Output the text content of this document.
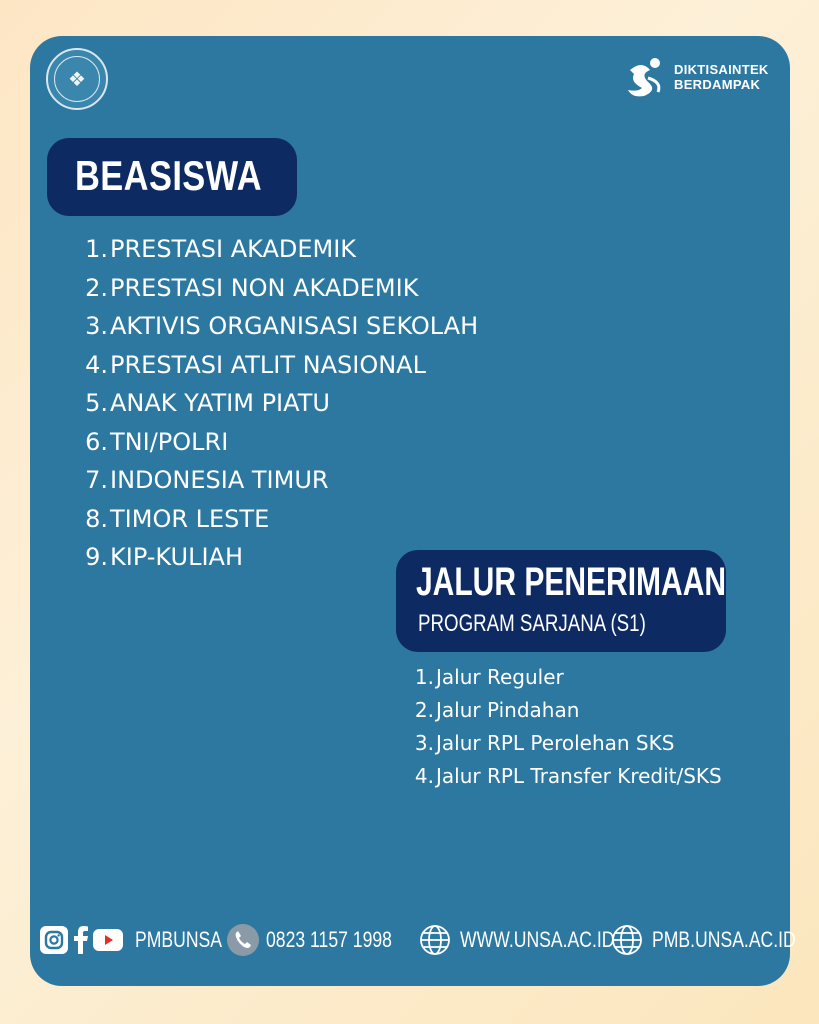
❖	DIKTISAINTEK
BERDAMPAK
BEASISWA
1. PRESTASI AKADEMIK
2. PRESTASI NON AKADEMIK
3. AKTIVIS ORGANISASI SEKOLAH
4. PRESTASI ATLIT NASIONAL
5. ANAK YATIM PIATU
6. TNI/POLRI
7. INDONESIA TIMUR
8. TIMOR LESTE
9. KIP-KULIAH
JALUR PENERIMAAN
PROGRAM SARJANA (S1)
1. Jalur Reguler
2. Jalur Pindahan
3. Jalur RPL Perolehan SKS
4. Jalur RPL Transfer Kredit/SKS
PMBUNSA 0823 1157 1998	WWW.UNSA.AC.ID PMB.UNSA.AC.ID
